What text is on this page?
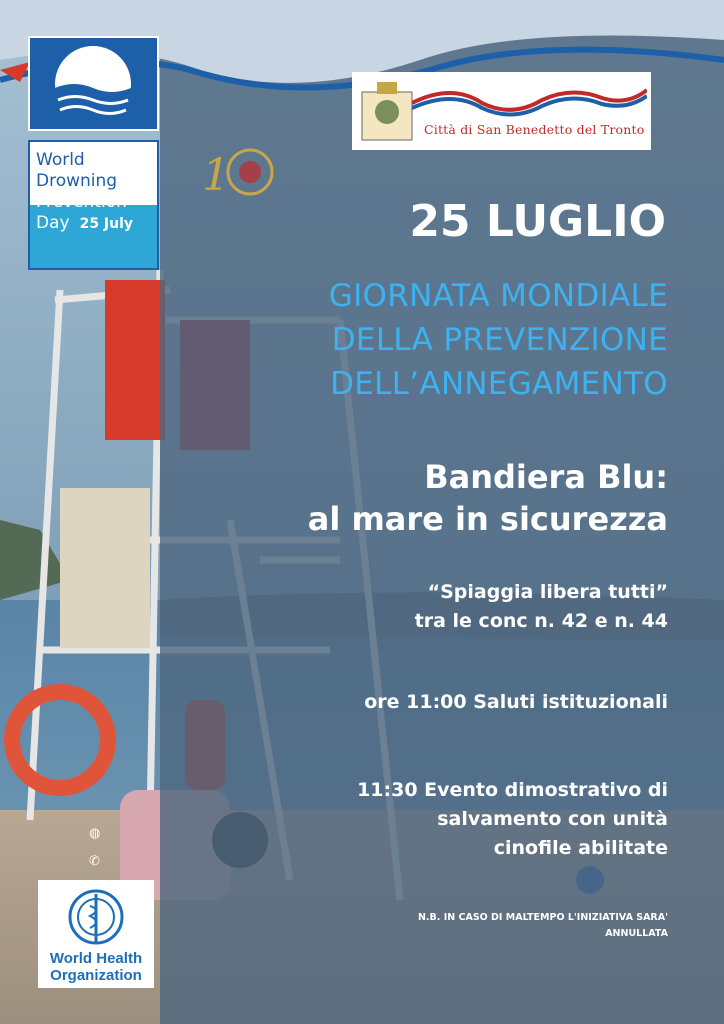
World
Drowning
Prevention
Day 25 July
Città di San Benedetto del Tronto
1
25 LUGLIO
GIORNATA MONDIALE
DELLA PREVENZIONE
DELL’ANNEGAMENTO
Bandiera Blu:
al mare in sicurezza
“Spiaggia libera tutti”
tra le conc n. 42 e n. 44
ore 11:00 Saluti istituzionali
11:30 Evento dimostrativo di
salvamento con unità
cinofile abilitate
N.B. IN CASO DI MALTEMPO L'INIZIATIVA SARA'
ANNULLATA
◍
✆
World Health
Organization
